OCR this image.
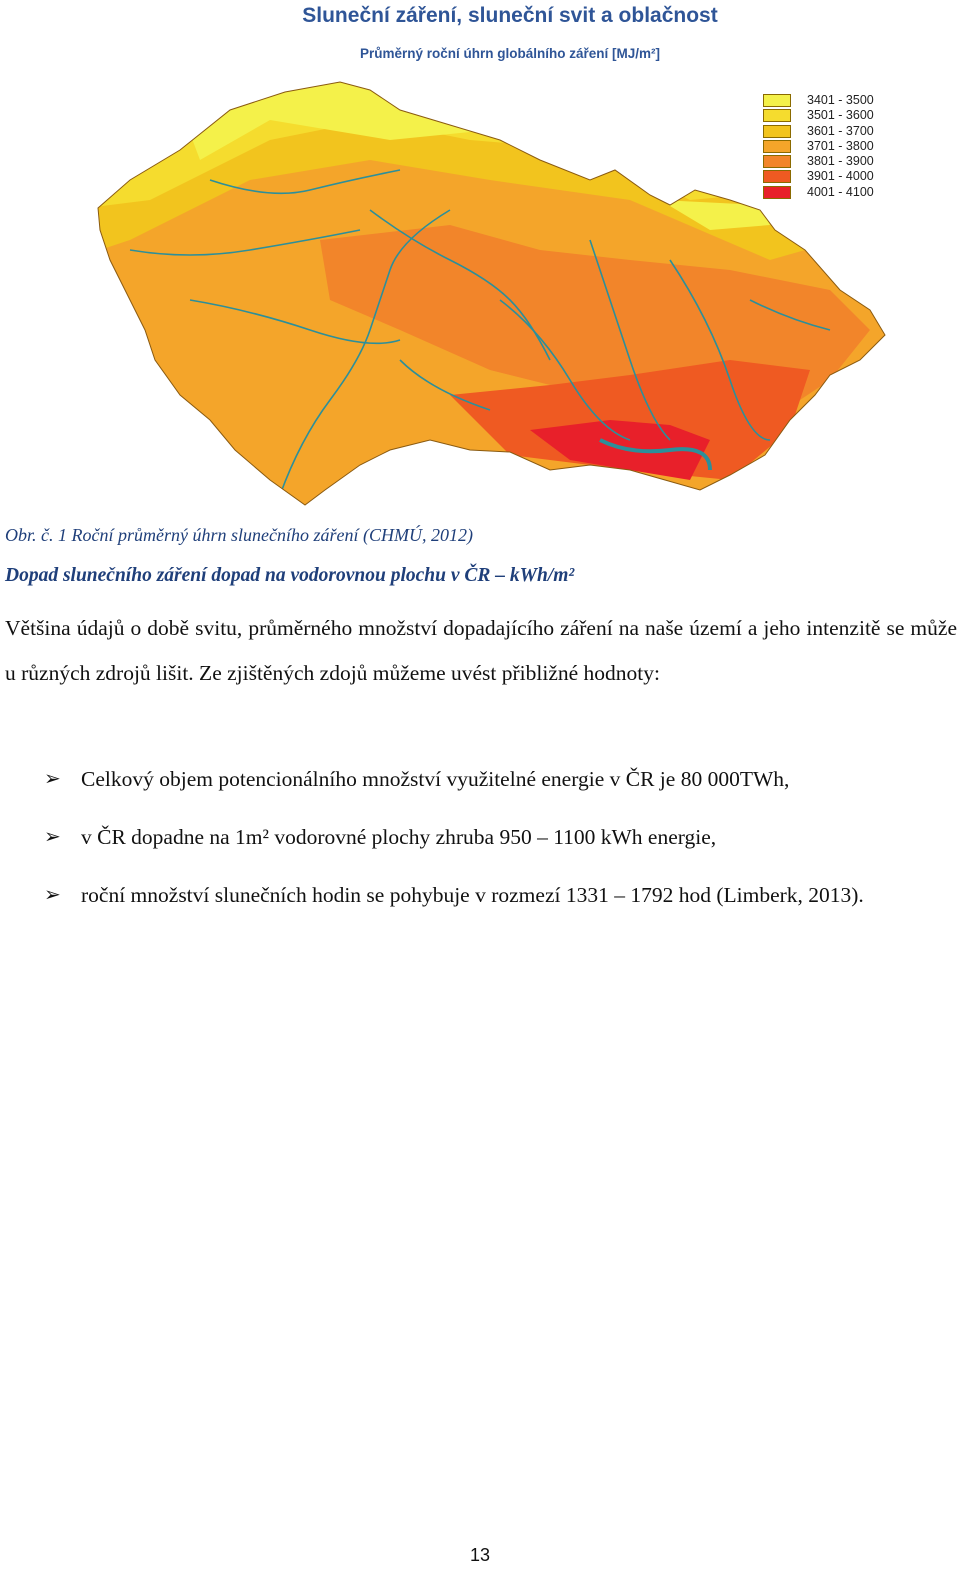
Sluneční záření, sluneční svit a oblačnost
Průměrný roční úhrn globálního záření [MJ/m²]
3401 - 3500
3501 - 3600
3601 - 3700
3701 - 3800
3801 - 3900
3901 - 4000
4001 - 4100
Obr. č. 1 Roční průměrný úhrn slunečního záření (CHMÚ, 2012)
Dopad slunečního záření dopad na vodorovnou plochu v ČR – kWh/m²

Většina údajů o době svitu, průměrného množství dopadajícího záření na naše území a jeho intenzitě se může u různých zdrojů lišit. Ze zjištěných zdojů můžeme uvést přibližné hodnoty:

➢ Celkový objem potencionálního množství využitelné energie v ČR je 80 000TWh,
➢ v ČR dopadne na 1m² vodorovné plochy zhruba 950 – 1100 kWh energie,
➢ roční množství slunečních hodin se pohybuje v rozmezí 1331 – 1792 hod (Limberk, 2013).
13
